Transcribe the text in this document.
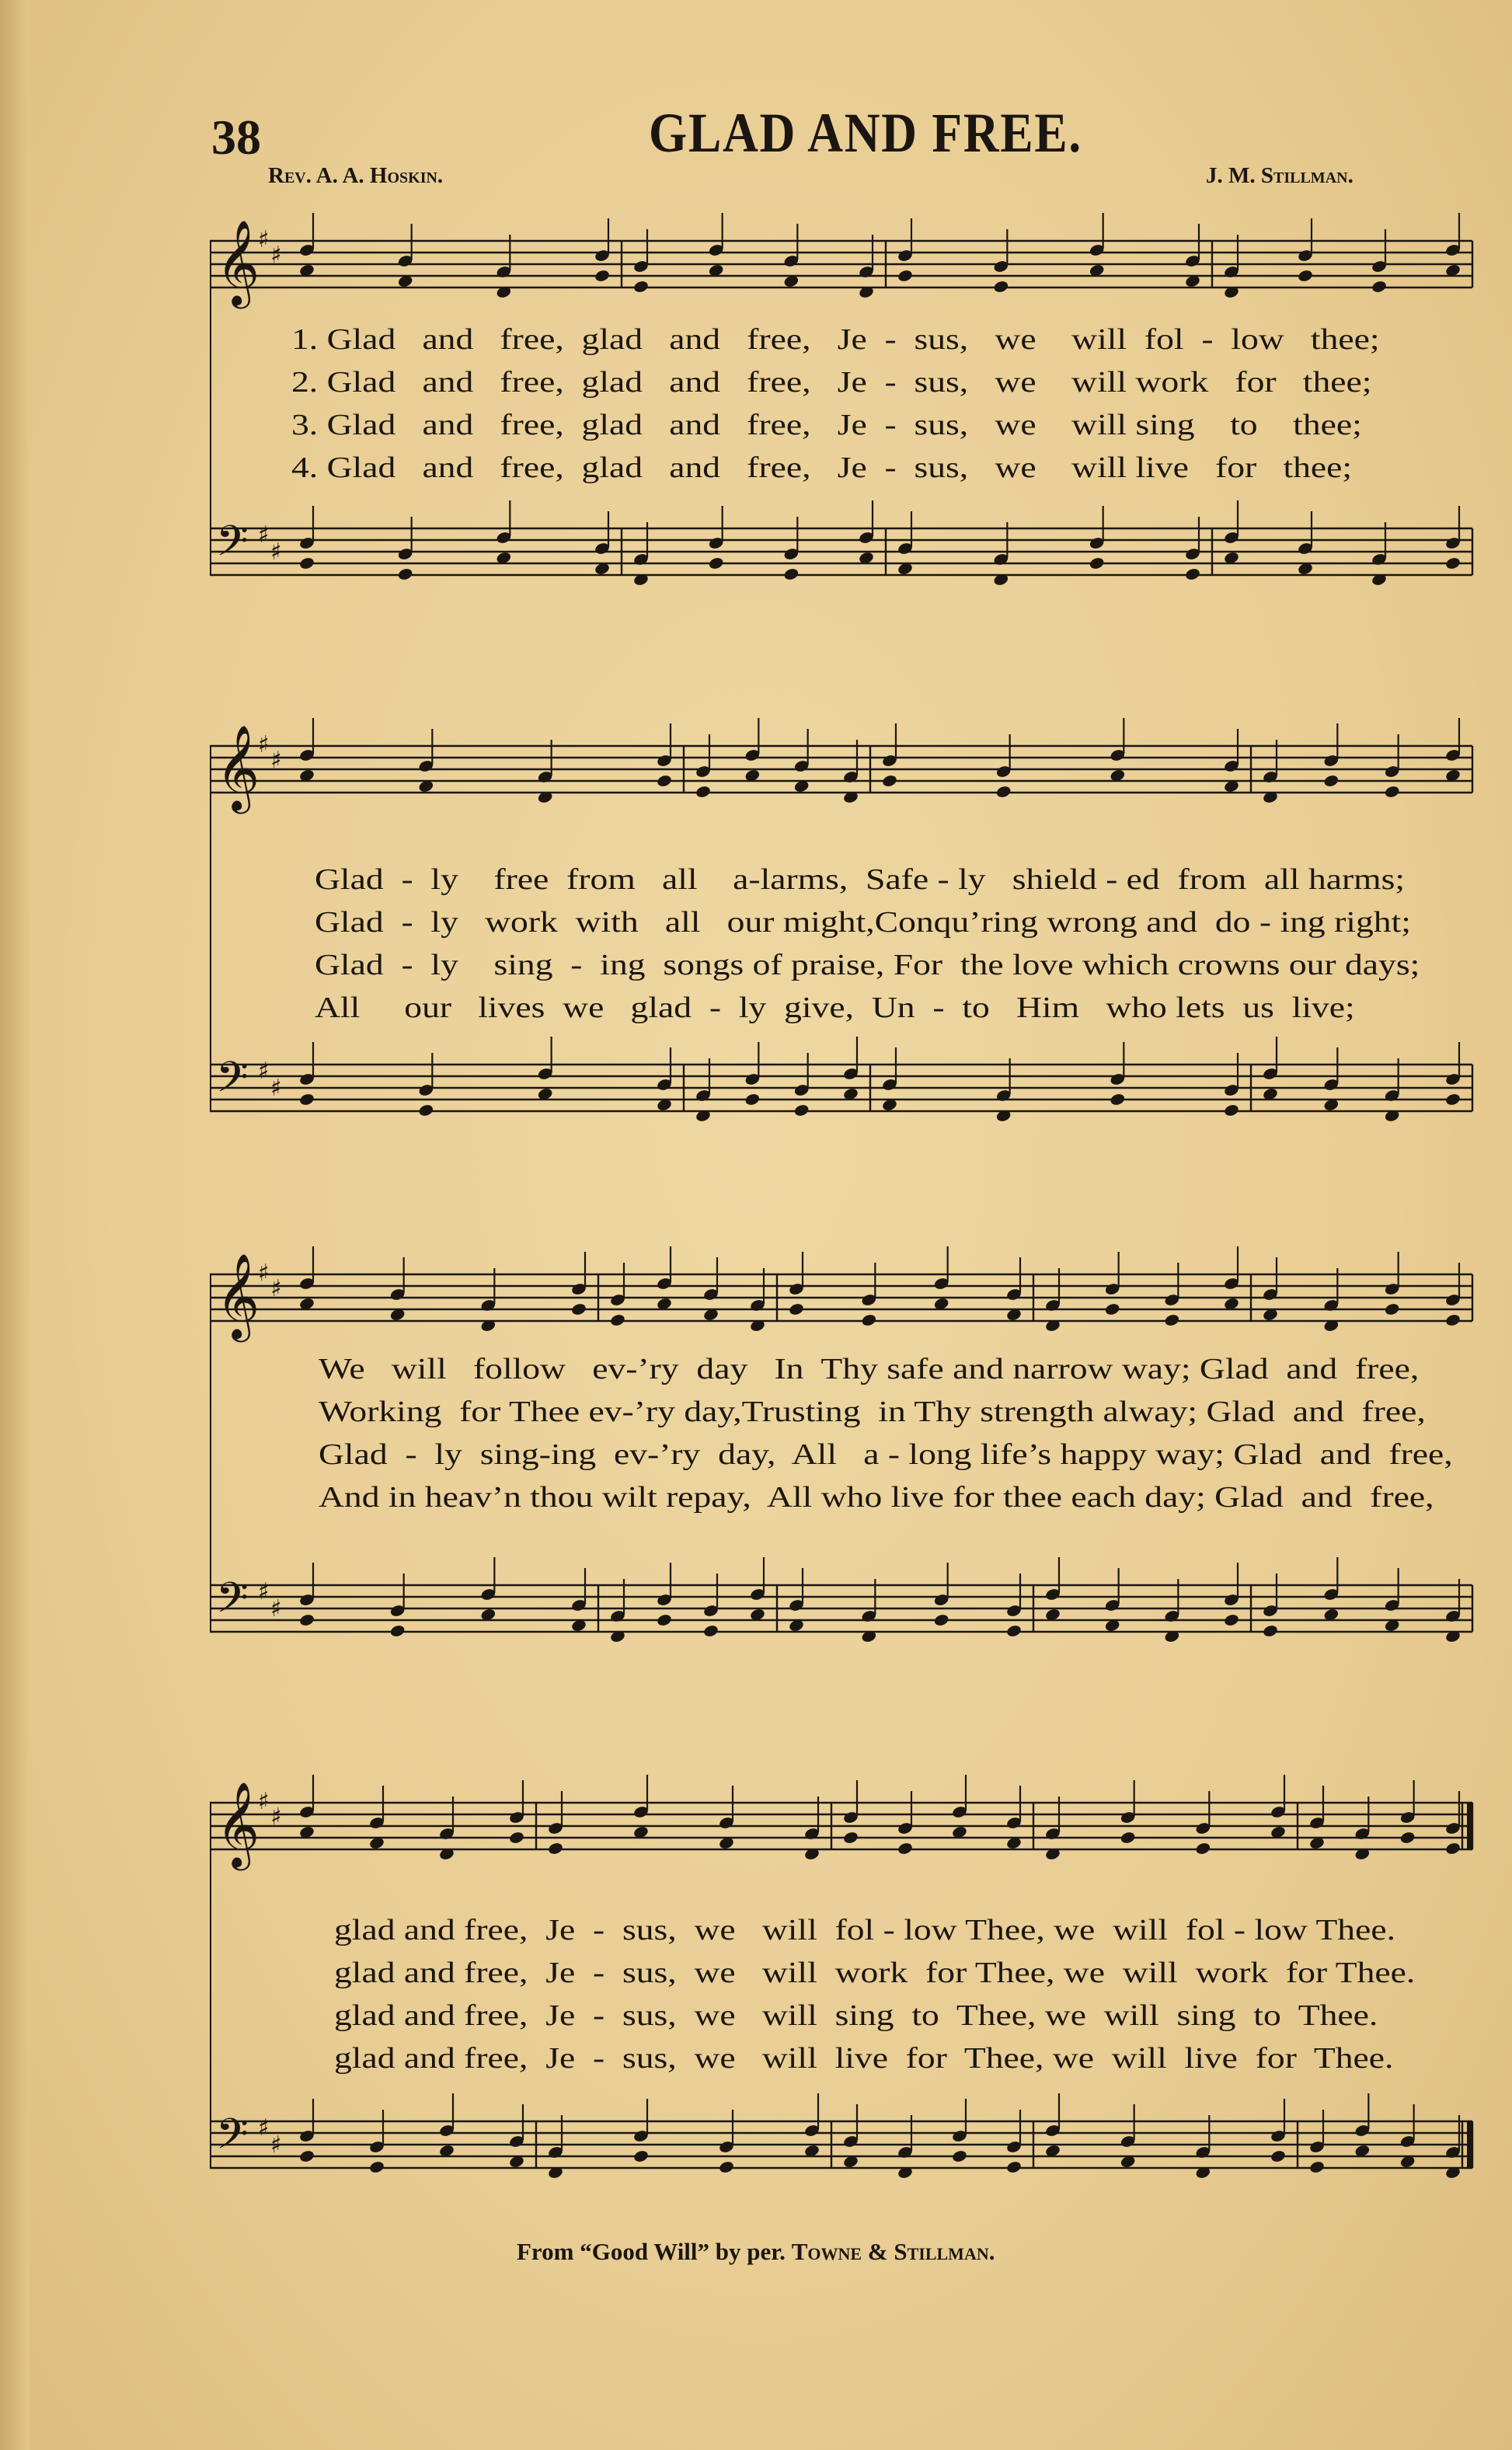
38	GLAD AND FREE.
Rev. A. A. Hoskin.	J. M. Stillman.
𝄞
♯
♯
𝄢 ♯
♯
1. Glad   and   free,  glad   and   free,   Je  -  sus,   we    will  fol  -  low   thee;
2. Glad   and   free,  glad   and   free,   Je  -  sus,   we    will work   for   thee;
3. Glad   and   free,  glad   and   free,   Je  -  sus,   we    will sing    to    thee;
4. Glad   and   free,  glad   and   free,   Je  -  sus,   we    will live   for   thee;
𝄞
♯
♯
𝄢 ♯
♯
Glad  -  ly    free  from   all    a-larms,  Safe - ly   shield - ed  from  all harms;
Glad  -  ly   work  with   all   our might,Conqu’ring wrong and  do - ing right;
Glad  -  ly    sing  -  ing  songs of praise, For  the love which crowns our days;
All     our   lives  we   glad  -  ly  give,  Un  -  to   Him   who lets  us  live;
𝄞
♯
♯
𝄢 ♯
♯
We   will   follow   ev-’ry  day   In  Thy safe and narrow way; Glad  and  free,
Working  for Thee ev-’ry day,Trusting  in Thy strength alway; Glad  and  free,
Glad  -  ly  sing-ing  ev-’ry  day,  All   a - long life’s happy way; Glad  and  free,
And in heav’n thou wilt repay,  All who live for thee each day; Glad  and  free,
𝄞
♯
♯
𝄢 ♯
♯
glad and free,  Je  -  sus,  we   will  fol - low Thee, we  will  fol - low Thee.
glad and free,  Je  -  sus,  we   will  work  for Thee, we  will  work  for Thee.
glad and free,  Je  -  sus,  we   will  sing  to  Thee, we  will  sing  to  Thee.
glad and free,  Je  -  sus,  we   will  live  for  Thee, we  will  live  for  Thee.
From “Good Will” by per. Towne & Stillman.
